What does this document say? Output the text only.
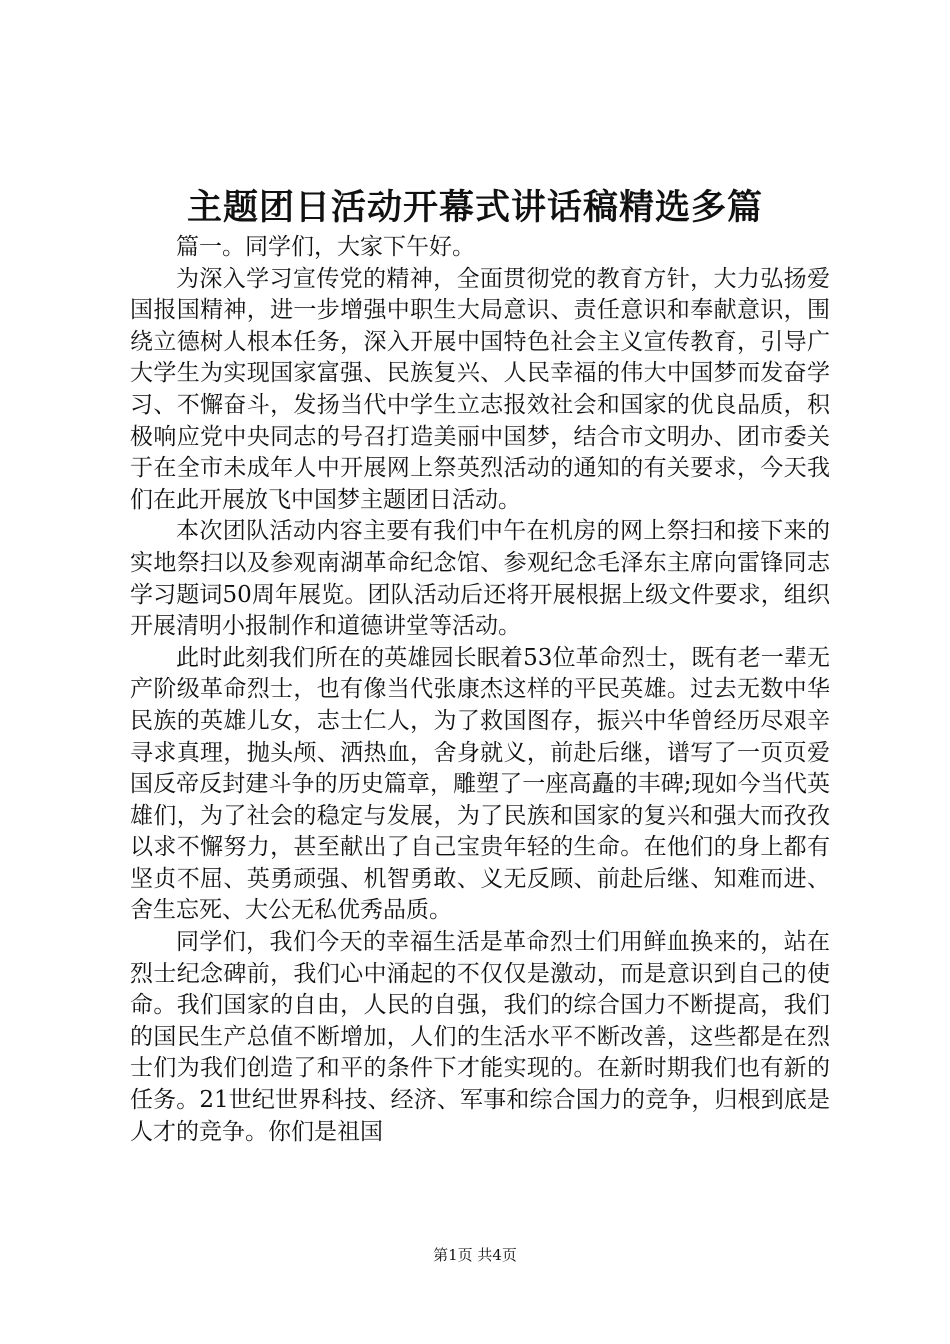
主题团日活动开幕式讲话稿精选多篇

篇一。同学们，大家下午好。

为深入学习宣传党的精神，全面贯彻党的教育方针，大力弘扬爱国报国精神，进一步增强中职生大局意识、责任意识和奉献意识，围绕立德树人根本任务，深入开展中国特色社会主义宣传教育，引导广大学生为实现国家富强、民族复兴、人民幸福的伟大中国梦而发奋学习、不懈奋斗，发扬当代中学生立志报效社会和国家的优良品质，积极响应党中央同志的号召打造美丽中国梦，结合市文明办、团市委关于在全市未成年人中开展网上祭英烈活动的通知的有关要求，今天我们在此开展放飞中国梦主题团日活动。

本次团队活动内容主要有我们中午在机房的网上祭扫和接下来的实地祭扫以及参观南湖革命纪念馆、参观纪念毛泽东主席向雷锋同志学习题词50周年展览。团队活动后还将开展根据上级文件要求，组织开展清明小报制作和道德讲堂等活动。

此时此刻我们所在的英雄园长眠着53位革命烈士，既有老一辈无产阶级革命烈士，也有像当代张康杰这样的平民英雄。过去无数中华民族的英雄儿女，志士仁人，为了救国图存，振兴中华曾经历尽艰辛寻求真理，抛头颅、洒热血，舍身就义，前赴后继，谱写了一页页爱国反帝反封建斗争的历史篇章，雕塑了一座高矗的丰碑;现如今当代英雄们，为了社会的稳定与发展，为了民族和国家的复兴和强大而孜孜以求不懈努力，甚至献出了自己宝贵年轻的生命。在他们的身上都有坚贞不屈、英勇顽强、机智勇敢、义无反顾、前赴后继、知难而进、舍生忘死、大公无私优秀品质。

同学们，我们今天的幸福生活是革命烈士们用鲜血换来的，站在烈士纪念碑前，我们心中涌起的不仅仅是激动，而是意识到自己的使命。我们国家的自由，人民的自强，我们的综合国力不断提高，我们的国民生产总值不断增加，人们的生活水平不断改善，这些都是在烈士们为我们创造了和平的条件下才能实现的。在新时期我们也有新的任务。21世纪世界科技、经济、军事和综合国力的竞争，归根到底是人才的竞争。你们是祖国

第1页 共4页
